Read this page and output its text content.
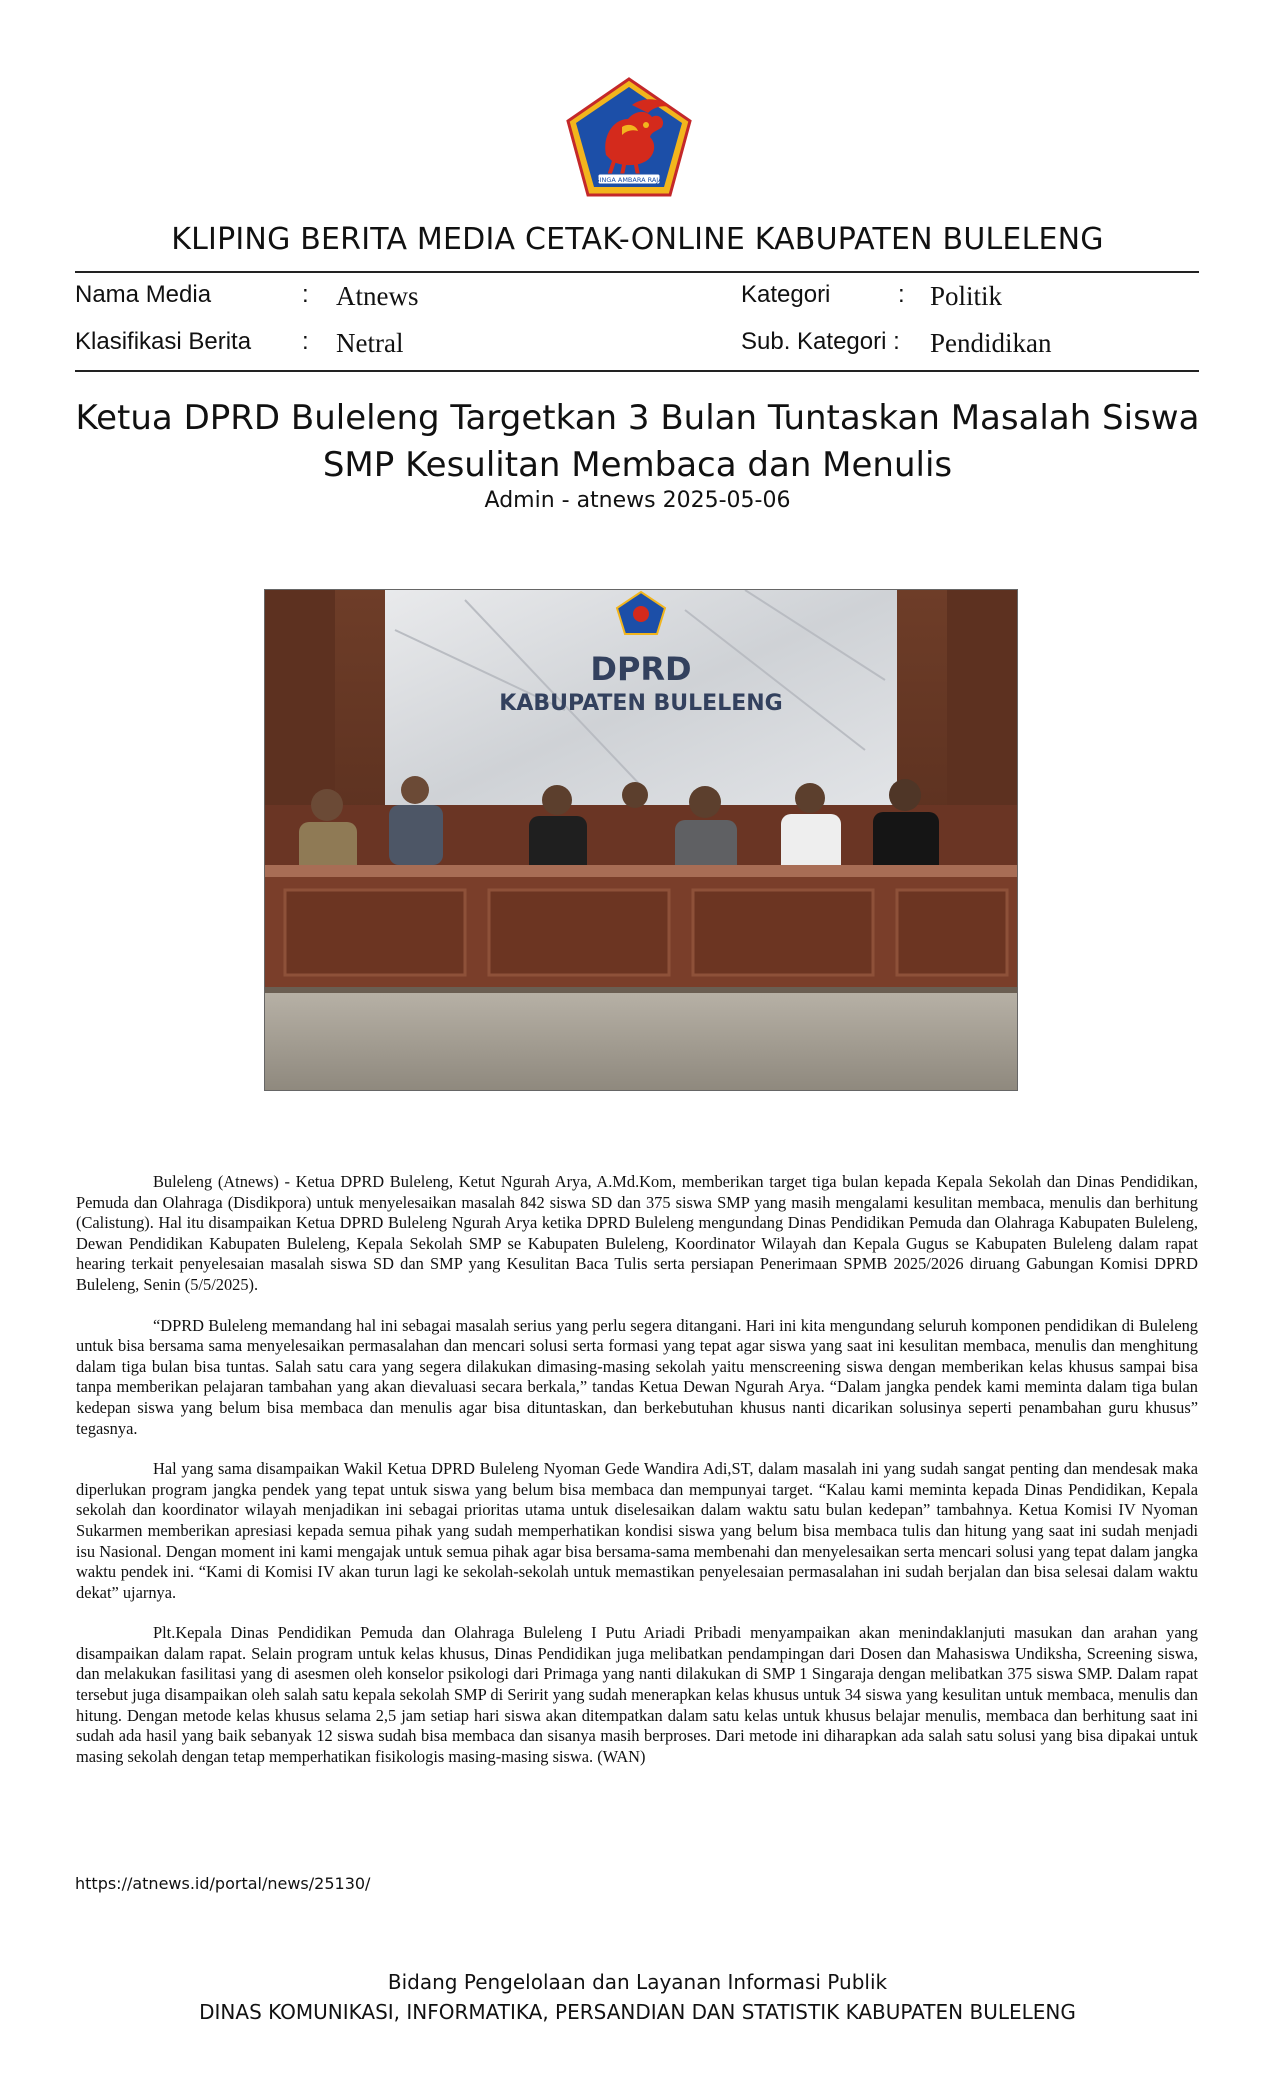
SINGA AMBARA RAJA
KLIPING BERITA MEDIA CETAK-ONLINE KABUPATEN BULELENG
Nama Media	: Atnews	Kategori	: Politik
Klasifikasi Berita : Netral	Sub. Kategori : Pendidikan
Ketua DPRD Buleleng Targetkan 3 Bulan Tuntaskan Masalah Siswa SMP Kesulitan Membaca dan Menulis
Admin - atnews 2025-05-06
DPRD
KABUPATEN BULELENG

Buleleng (Atnews) - Ketua DPRD Buleleng, Ketut Ngurah Arya, A.Md.Kom, memberikan target tiga bulan kepada Kepala Sekolah dan Dinas Pendidikan, Pemuda dan Olahraga (Disdikpora) untuk menyelesaikan masalah 842 siswa SD dan 375 siswa SMP yang masih mengalami kesulitan membaca, menulis dan berhitung (Calistung). Hal itu disampaikan Ketua DPRD Buleleng Ngurah Arya ketika DPRD Buleleng mengundang Dinas Pendidikan Pemuda dan Olahraga Kabupaten Buleleng, Dewan Pendidikan Kabupaten Buleleng, Kepala Sekolah SMP se Kabupaten Buleleng, Koordinator Wilayah dan Kepala Gugus se Kabupaten Buleleng dalam rapat hearing terkait penyelesaian masalah siswa SD dan SMP yang Kesulitan Baca Tulis serta persiapan Penerimaan SPMB 2025/2026 diruang Gabungan Komisi DPRD Buleleng, Senin (5/5/2025).

“DPRD Buleleng memandang hal ini sebagai masalah serius yang perlu segera ditangani. Hari ini kita mengundang seluruh komponen pendidikan di Buleleng untuk bisa bersama sama menyelesaikan permasalahan dan mencari solusi serta formasi yang tepat agar siswa yang saat ini kesulitan membaca, menulis dan menghitung dalam tiga bulan bisa tuntas. Salah satu cara yang segera dilakukan dimasing-masing sekolah yaitu menscreening siswa dengan memberikan kelas khusus sampai bisa tanpa memberikan pelajaran tambahan yang akan dievaluasi secara berkala,” tandas Ketua Dewan Ngurah Arya. “Dalam jangka pendek kami meminta dalam tiga bulan kedepan siswa yang belum bisa membaca dan menulis agar bisa dituntaskan, dan berkebutuhan khusus nanti dicarikan solusinya seperti penambahan guru khusus” tegasnya.

Hal yang sama disampaikan Wakil Ketua DPRD Buleleng Nyoman Gede Wandira Adi,ST, dalam masalah ini yang sudah sangat penting dan mendesak maka diperlukan program jangka pendek yang tepat untuk siswa yang belum bisa membaca dan mempunyai target. “Kalau kami meminta kepada Dinas Pendidikan, Kepala sekolah dan koordinator wilayah menjadikan ini sebagai prioritas utama untuk diselesaikan dalam waktu satu bulan kedepan” tambahnya. Ketua Komisi IV Nyoman Sukarmen memberikan apresiasi kepada semua pihak yang sudah memperhatikan kondisi siswa yang belum bisa membaca tulis dan hitung yang saat ini sudah menjadi isu Nasional. Dengan moment ini kami mengajak untuk semua pihak agar bisa bersama-sama membenahi dan menyelesaikan serta mencari solusi yang tepat dalam jangka waktu pendek ini. “Kami di Komisi IV akan turun lagi ke sekolah-sekolah untuk memastikan penyelesaian permasalahan ini sudah berjalan dan bisa selesai dalam waktu dekat” ujarnya.

Plt.Kepala Dinas Pendidikan Pemuda dan Olahraga Buleleng I Putu Ariadi Pribadi menyampaikan akan menindaklanjuti masukan dan arahan yang disampaikan dalam rapat. Selain program untuk kelas khusus, Dinas Pendidikan juga melibatkan pendampingan dari Dosen dan Mahasiswa Undiksha, Screening siswa, dan melakukan fasilitasi yang di asesmen oleh konselor psikologi dari Primaga yang nanti dilakukan di SMP 1 Singaraja dengan melibatkan 375 siswa SMP. Dalam rapat tersebut juga disampaikan oleh salah satu kepala sekolah SMP di Seririt yang sudah menerapkan kelas khusus untuk 34 siswa yang kesulitan untuk membaca, menulis dan hitung. Dengan metode kelas khusus selama 2,5 jam setiap hari siswa akan ditempatkan dalam satu kelas untuk khusus belajar menulis, membaca dan berhitung saat ini sudah ada hasil yang baik sebanyak 12 siswa sudah bisa membaca dan sisanya masih berproses. Dari metode ini diharapkan ada salah satu solusi yang bisa dipakai untuk masing sekolah dengan tetap memperhatikan fisikologis masing-masing siswa. (WAN)

https://atnews.id/portal/news/25130/
Bidang Pengelolaan dan Layanan Informasi Publik
DINAS KOMUNIKASI, INFORMATIKA, PERSANDIAN DAN STATISTIK KABUPATEN BULELENG
